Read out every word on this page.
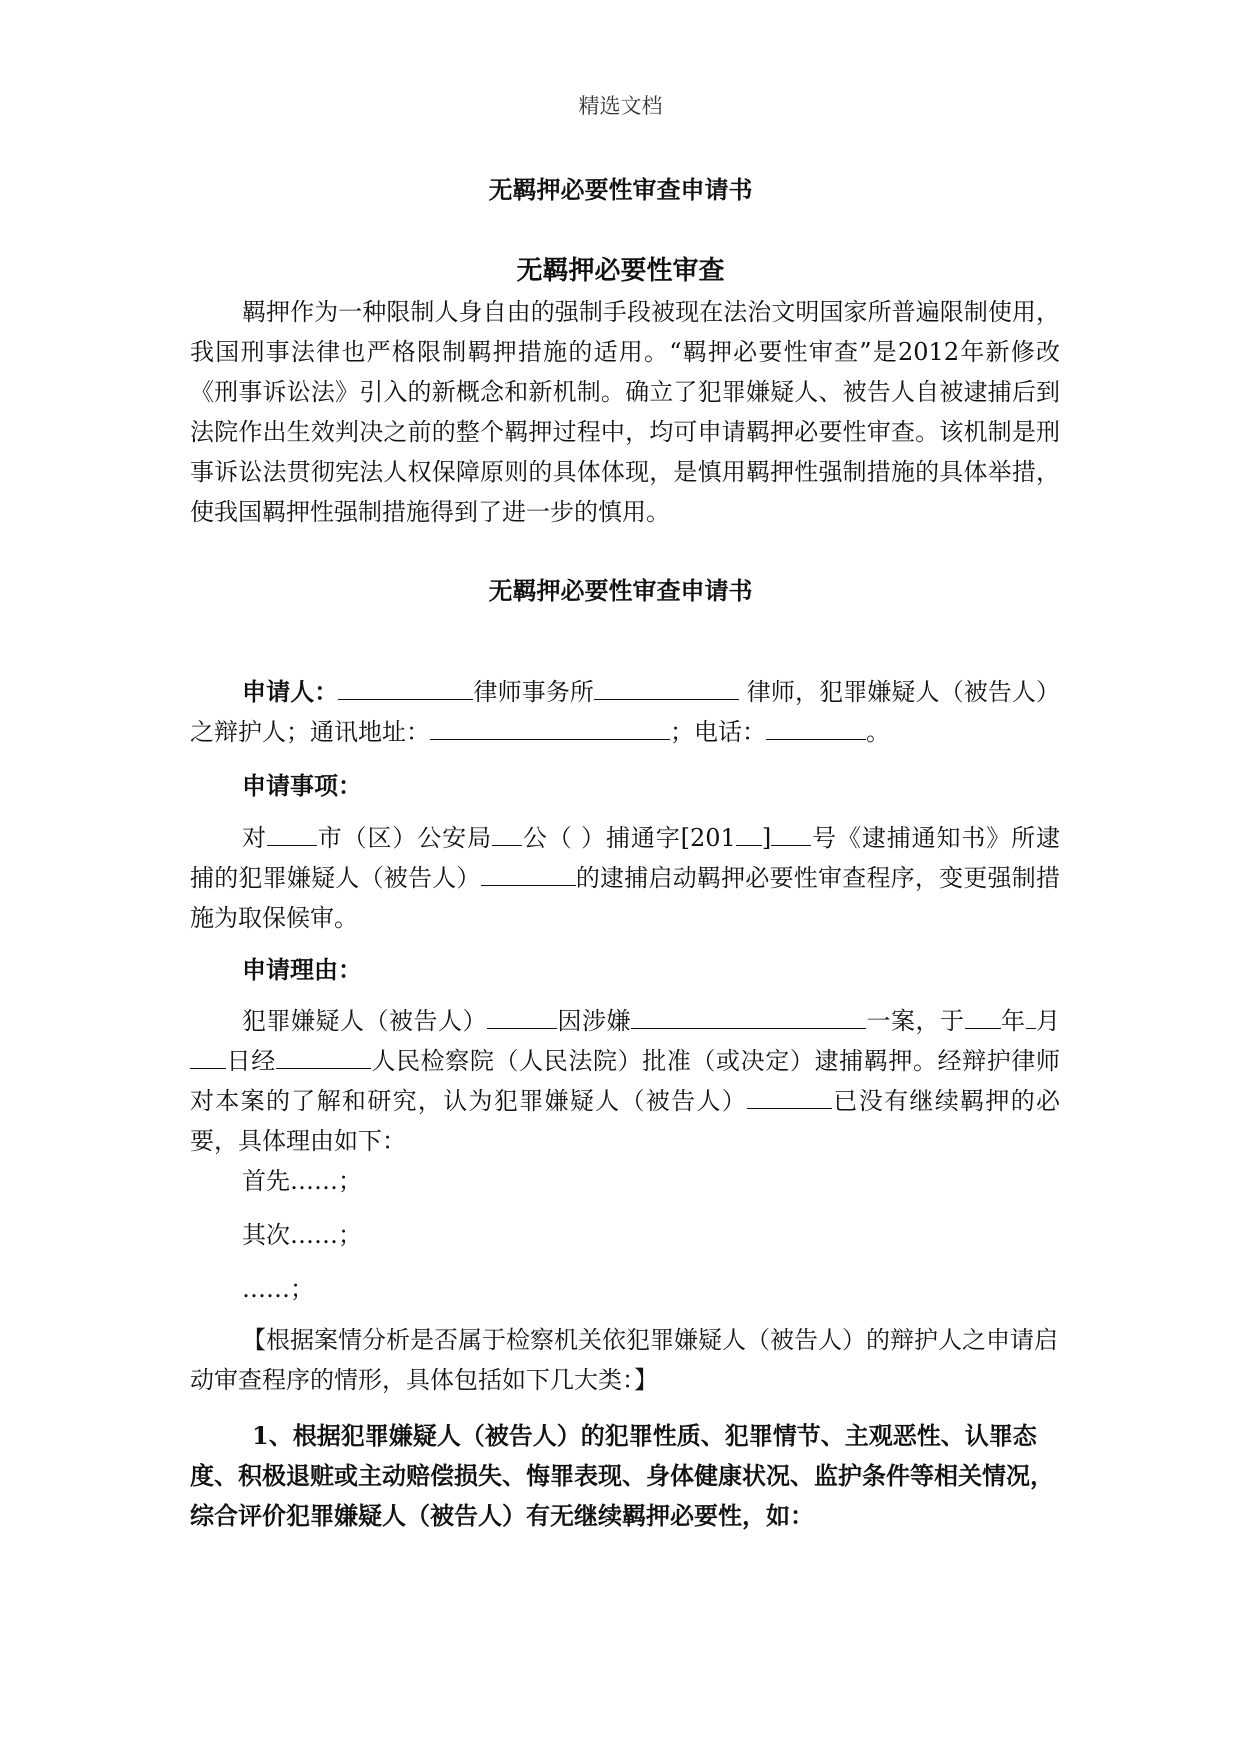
精选文档
无羁押必要性审查申请书
无羁押必要性审查

羁押作为一种限制人身自由的强制手段被现在法治文明国家所普遍限制使用，我国刑事法律也严格限制羁押措施的适用。“羁押必要性审查”是2012年新修改《刑事诉讼法》引入的新概念和新机制。确立了犯罪嫌疑人、被告人自被逮捕后到法院作出生效判决之前的整个羁押过程中，均可申请羁押必要性审查。该机制是刑事诉讼法贯彻宪法人权保障原则的具体体现，是慎用羁押性强制措施的具体举措，使我国羁押性强制措施得到了进一步的慎用。

无羁押必要性审查申请书

申请人：	律师事务所	律师，犯罪嫌疑人（被告人）之辩护人；通讯地址：	；电话：	。

申请事项：

对 市（区）公安局 公（ ）捕通字[201 ] 号《逮捕通知书》所逮捕的犯罪嫌疑人（被告人）	的逮捕启动羁押必要性审查程序，变更强制措施为取保候审。

申请理由：

犯罪嫌疑人（被告人）	因涉嫌	一案，于 年 月日经	人民检察院（人民法院）批准（或决定）逮捕羁押。经辩护律师对本案的了解和研究，认为犯罪嫌疑人（被告人）	已没有继续羁押的必要，具体理由如下：

首先……；

其次……；

……；

【根据案情分析是否属于检察机关依犯罪嫌疑人（被告人）的辩护人之申请启动审查程序的情形，具体包括如下几大类：】

1、根据犯罪嫌疑人（被告人）的犯罪性质、犯罪情节、主观恶性、认罪态度、积极退赃或主动赔偿损失、悔罪表现、身体健康状况、监护条件等相关情况，综合评价犯罪嫌疑人（被告人）有无继续羁押必要性，如：
